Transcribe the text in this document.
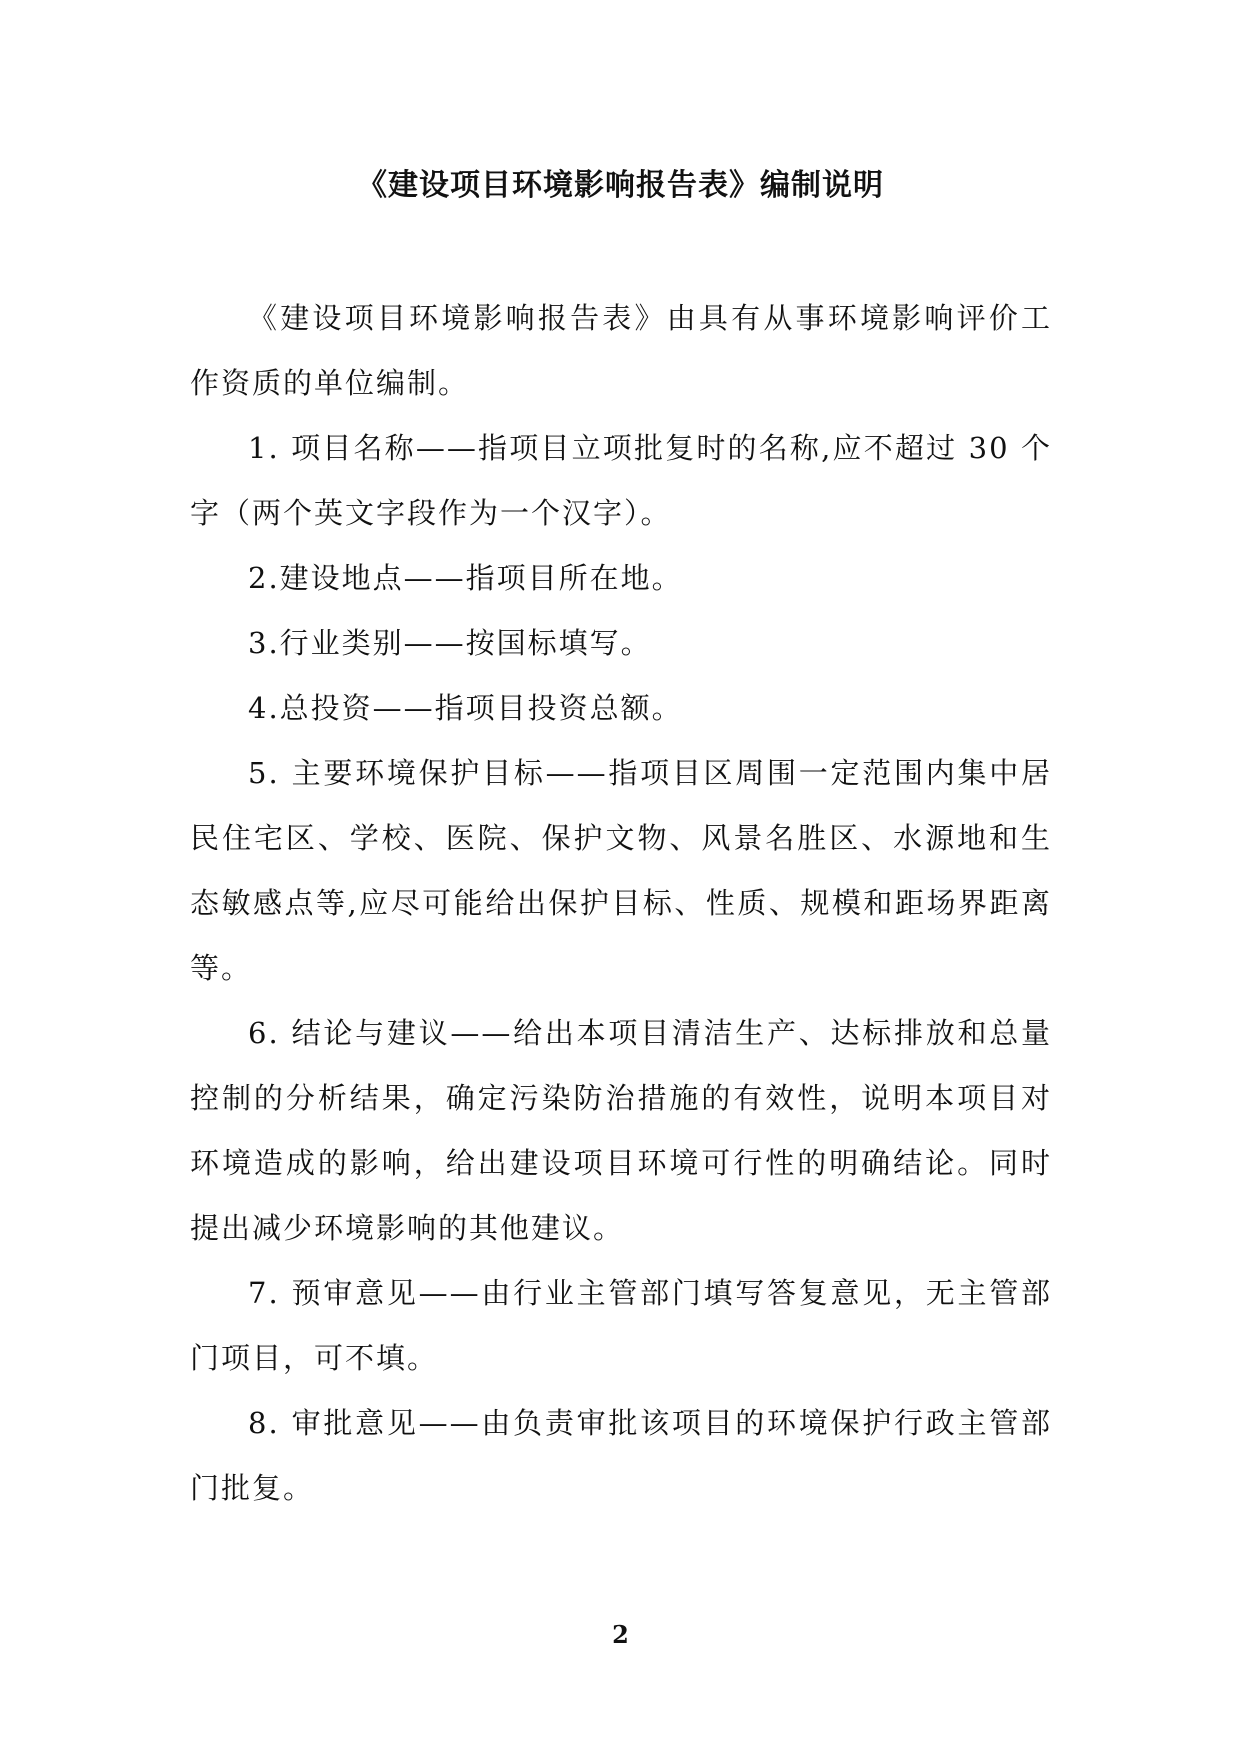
《建设项目环境影响报告表》编制说明

《建设项目环境影响报告表》由具有从事环境影响评价工作资质的单位编制。

1. 项目名称——指项目立项批复时的名称,应不超过 30 个字（两个英文字段作为一个汉字）。

2.建设地点——指项目所在地。

3.行业类别——按国标填写。

4.总投资——指项目投资总额。

5. 主要环境保护目标——指项目区周围一定范围内集中居民住宅区、学校、医院、保护文物、风景名胜区、水源地和生态敏感点等,应尽可能给出保护目标、性质、规模和距场界距离等。

6. 结论与建议——给出本项目清洁生产、达标排放和总量控制的分析结果，确定污染防治措施的有效性，说明本项目对环境造成的影响，给出建设项目环境可行性的明确结论。同时提出减少环境影响的其他建议。

7. 预审意见——由行业主管部门填写答复意见，无主管部门项目，可不填。

8. 审批意见——由负责审批该项目的环境保护行政主管部门批复。

2
